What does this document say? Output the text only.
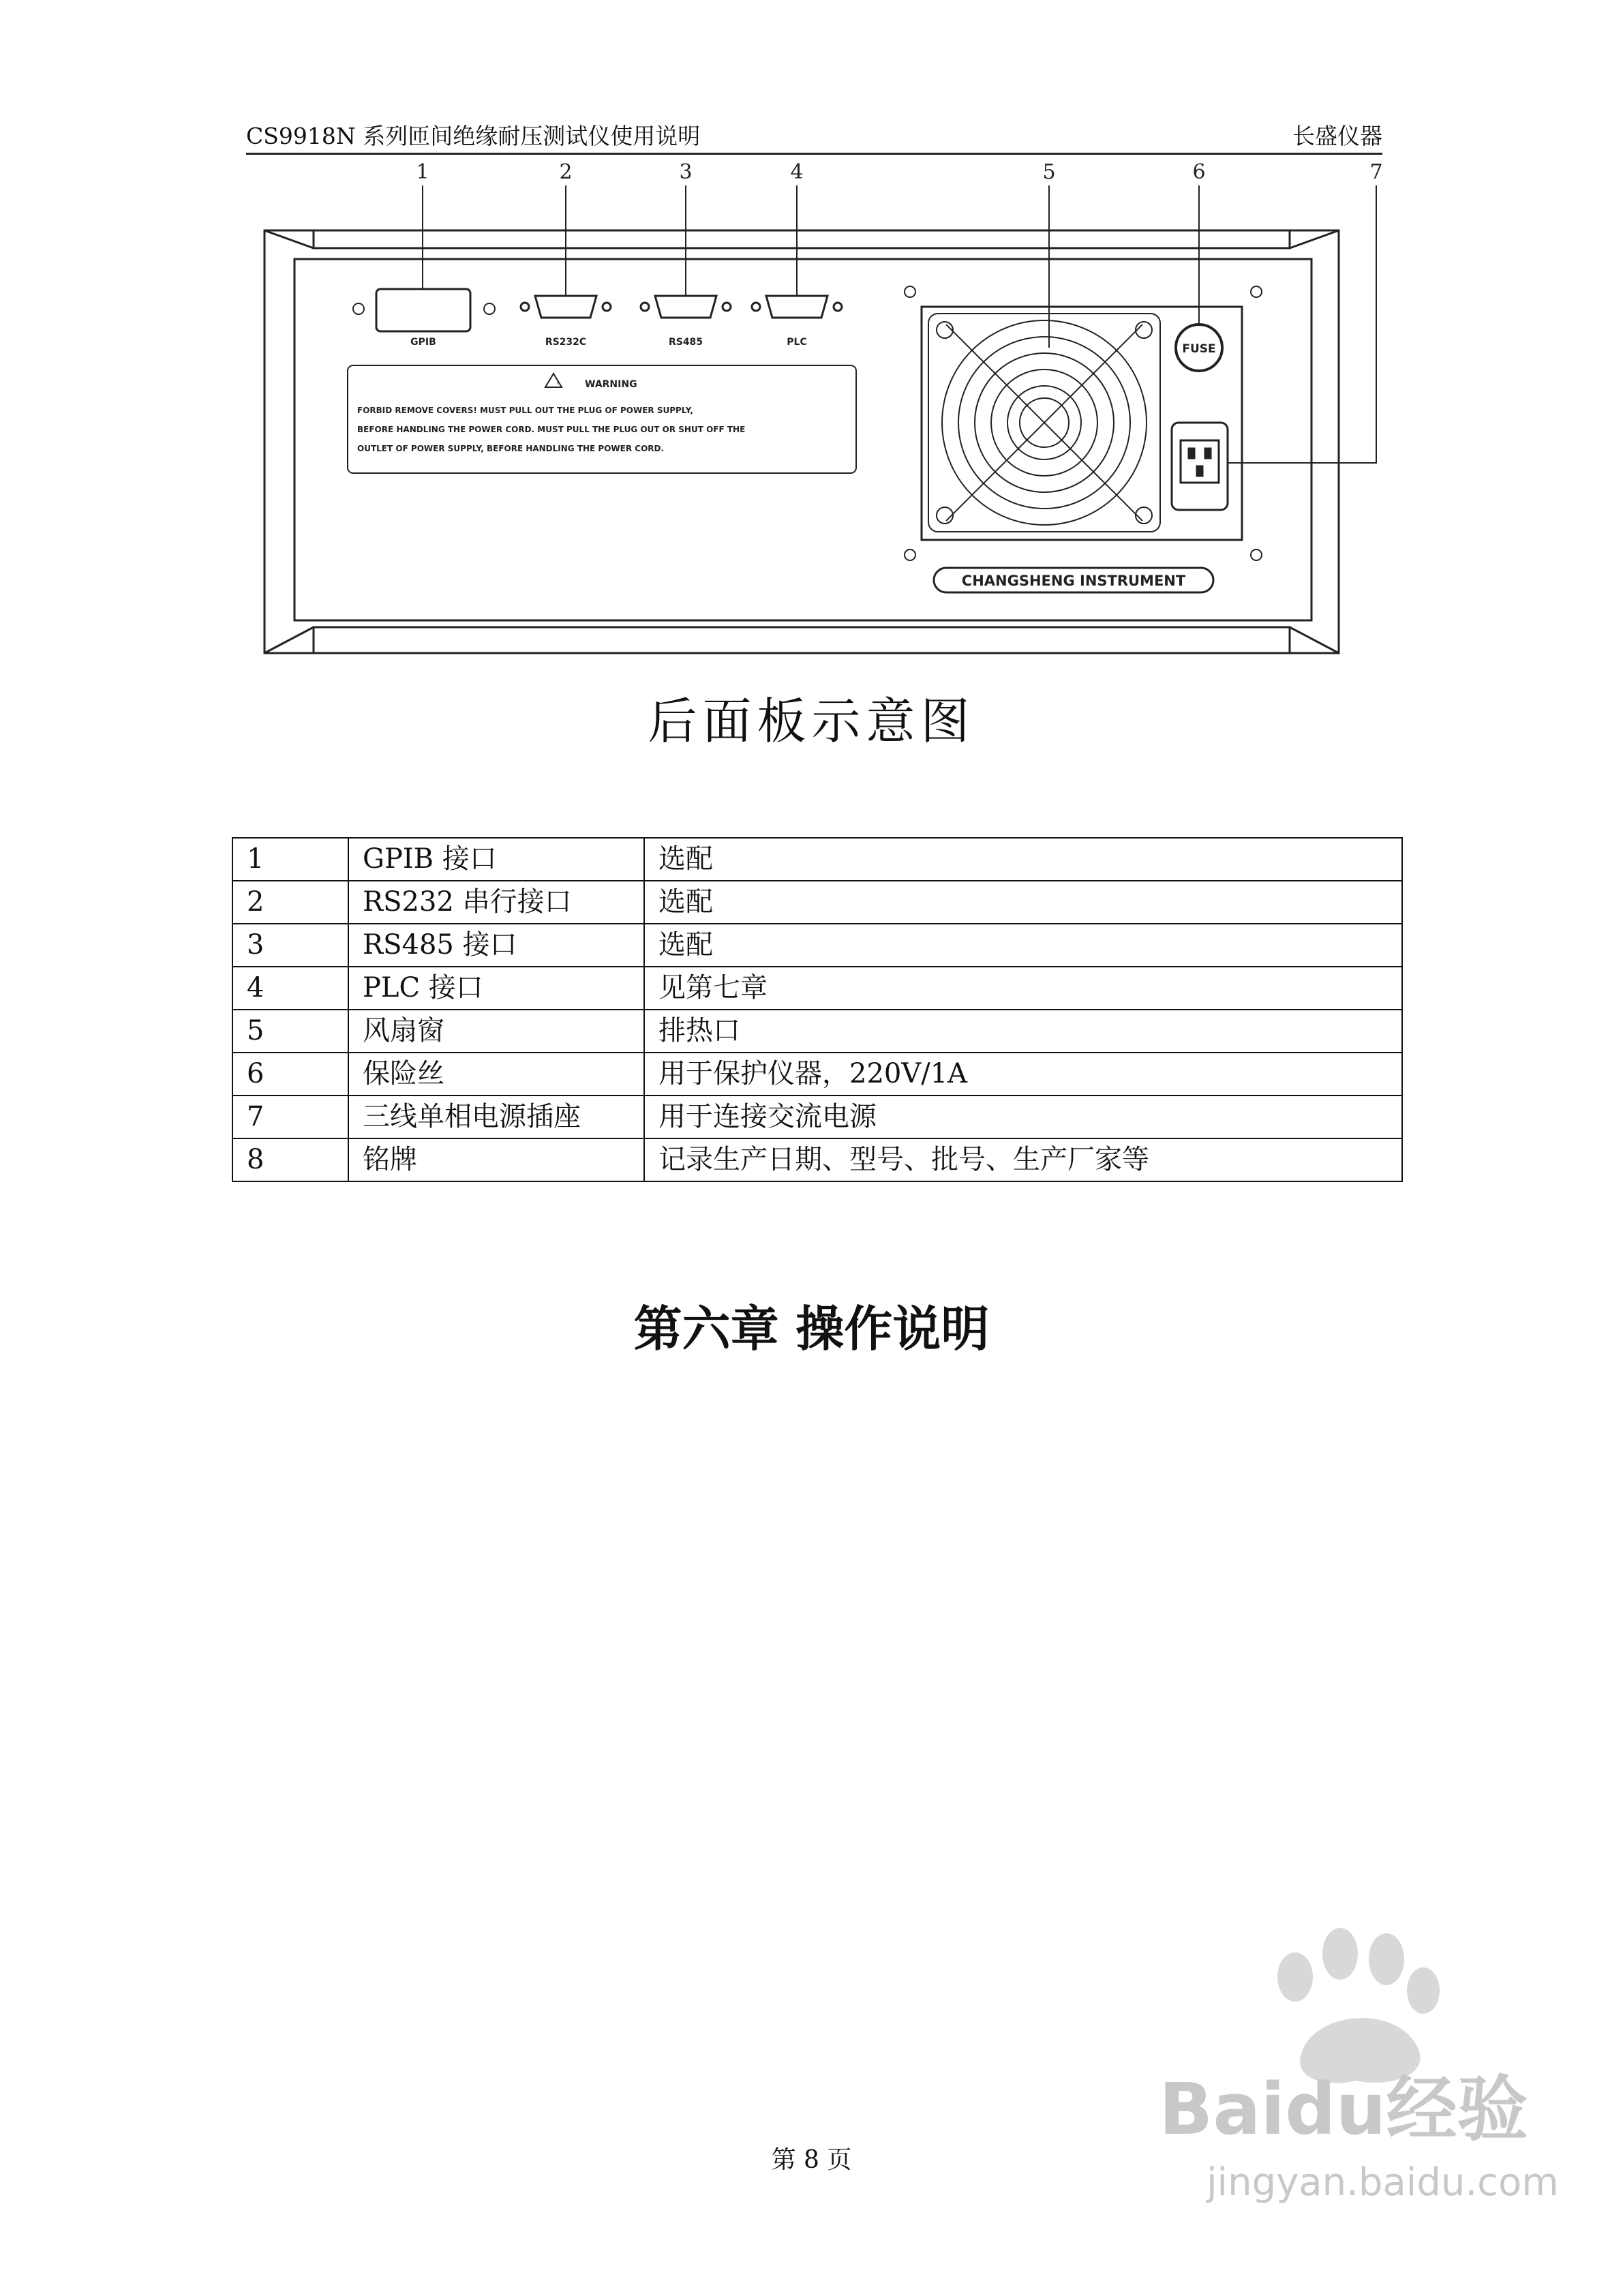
CS9918N 系列匝间绝缘耐压测试仪使用说明	长盛仪器
1	2	3	4	5	6	7
GPIB	RS232C	RS485	PLC
!	WARNING
FORBID REMOVE COVERS! MUST PULL OUT THE PLUG OF POWER SUPPLY,
BEFORE HANDLING THE POWER CORD. MUST PULL THE PLUG OUT OR SHUT OFF THE
OUTLET OF POWER SUPPLY, BEFORE HANDLING THE POWER CORD.
FUSE
CHANGSHENG INSTRUMENT
后面板示意图
1	GPIB 接口	选配
2	RS232 串行接口	选配
3	RS485 接口	选配
4	PLC 接口	见第七章
5	风扇窗	排热口
6	保险丝	用于保护仪器，220V/1A
7	三线单相电源插座	用于连接交流电源
8	铭牌	记录生产日期、型号、批号、生产厂家等
第六章 操作说明
第 8 页
Baidu经验
jingyan.baidu.com
